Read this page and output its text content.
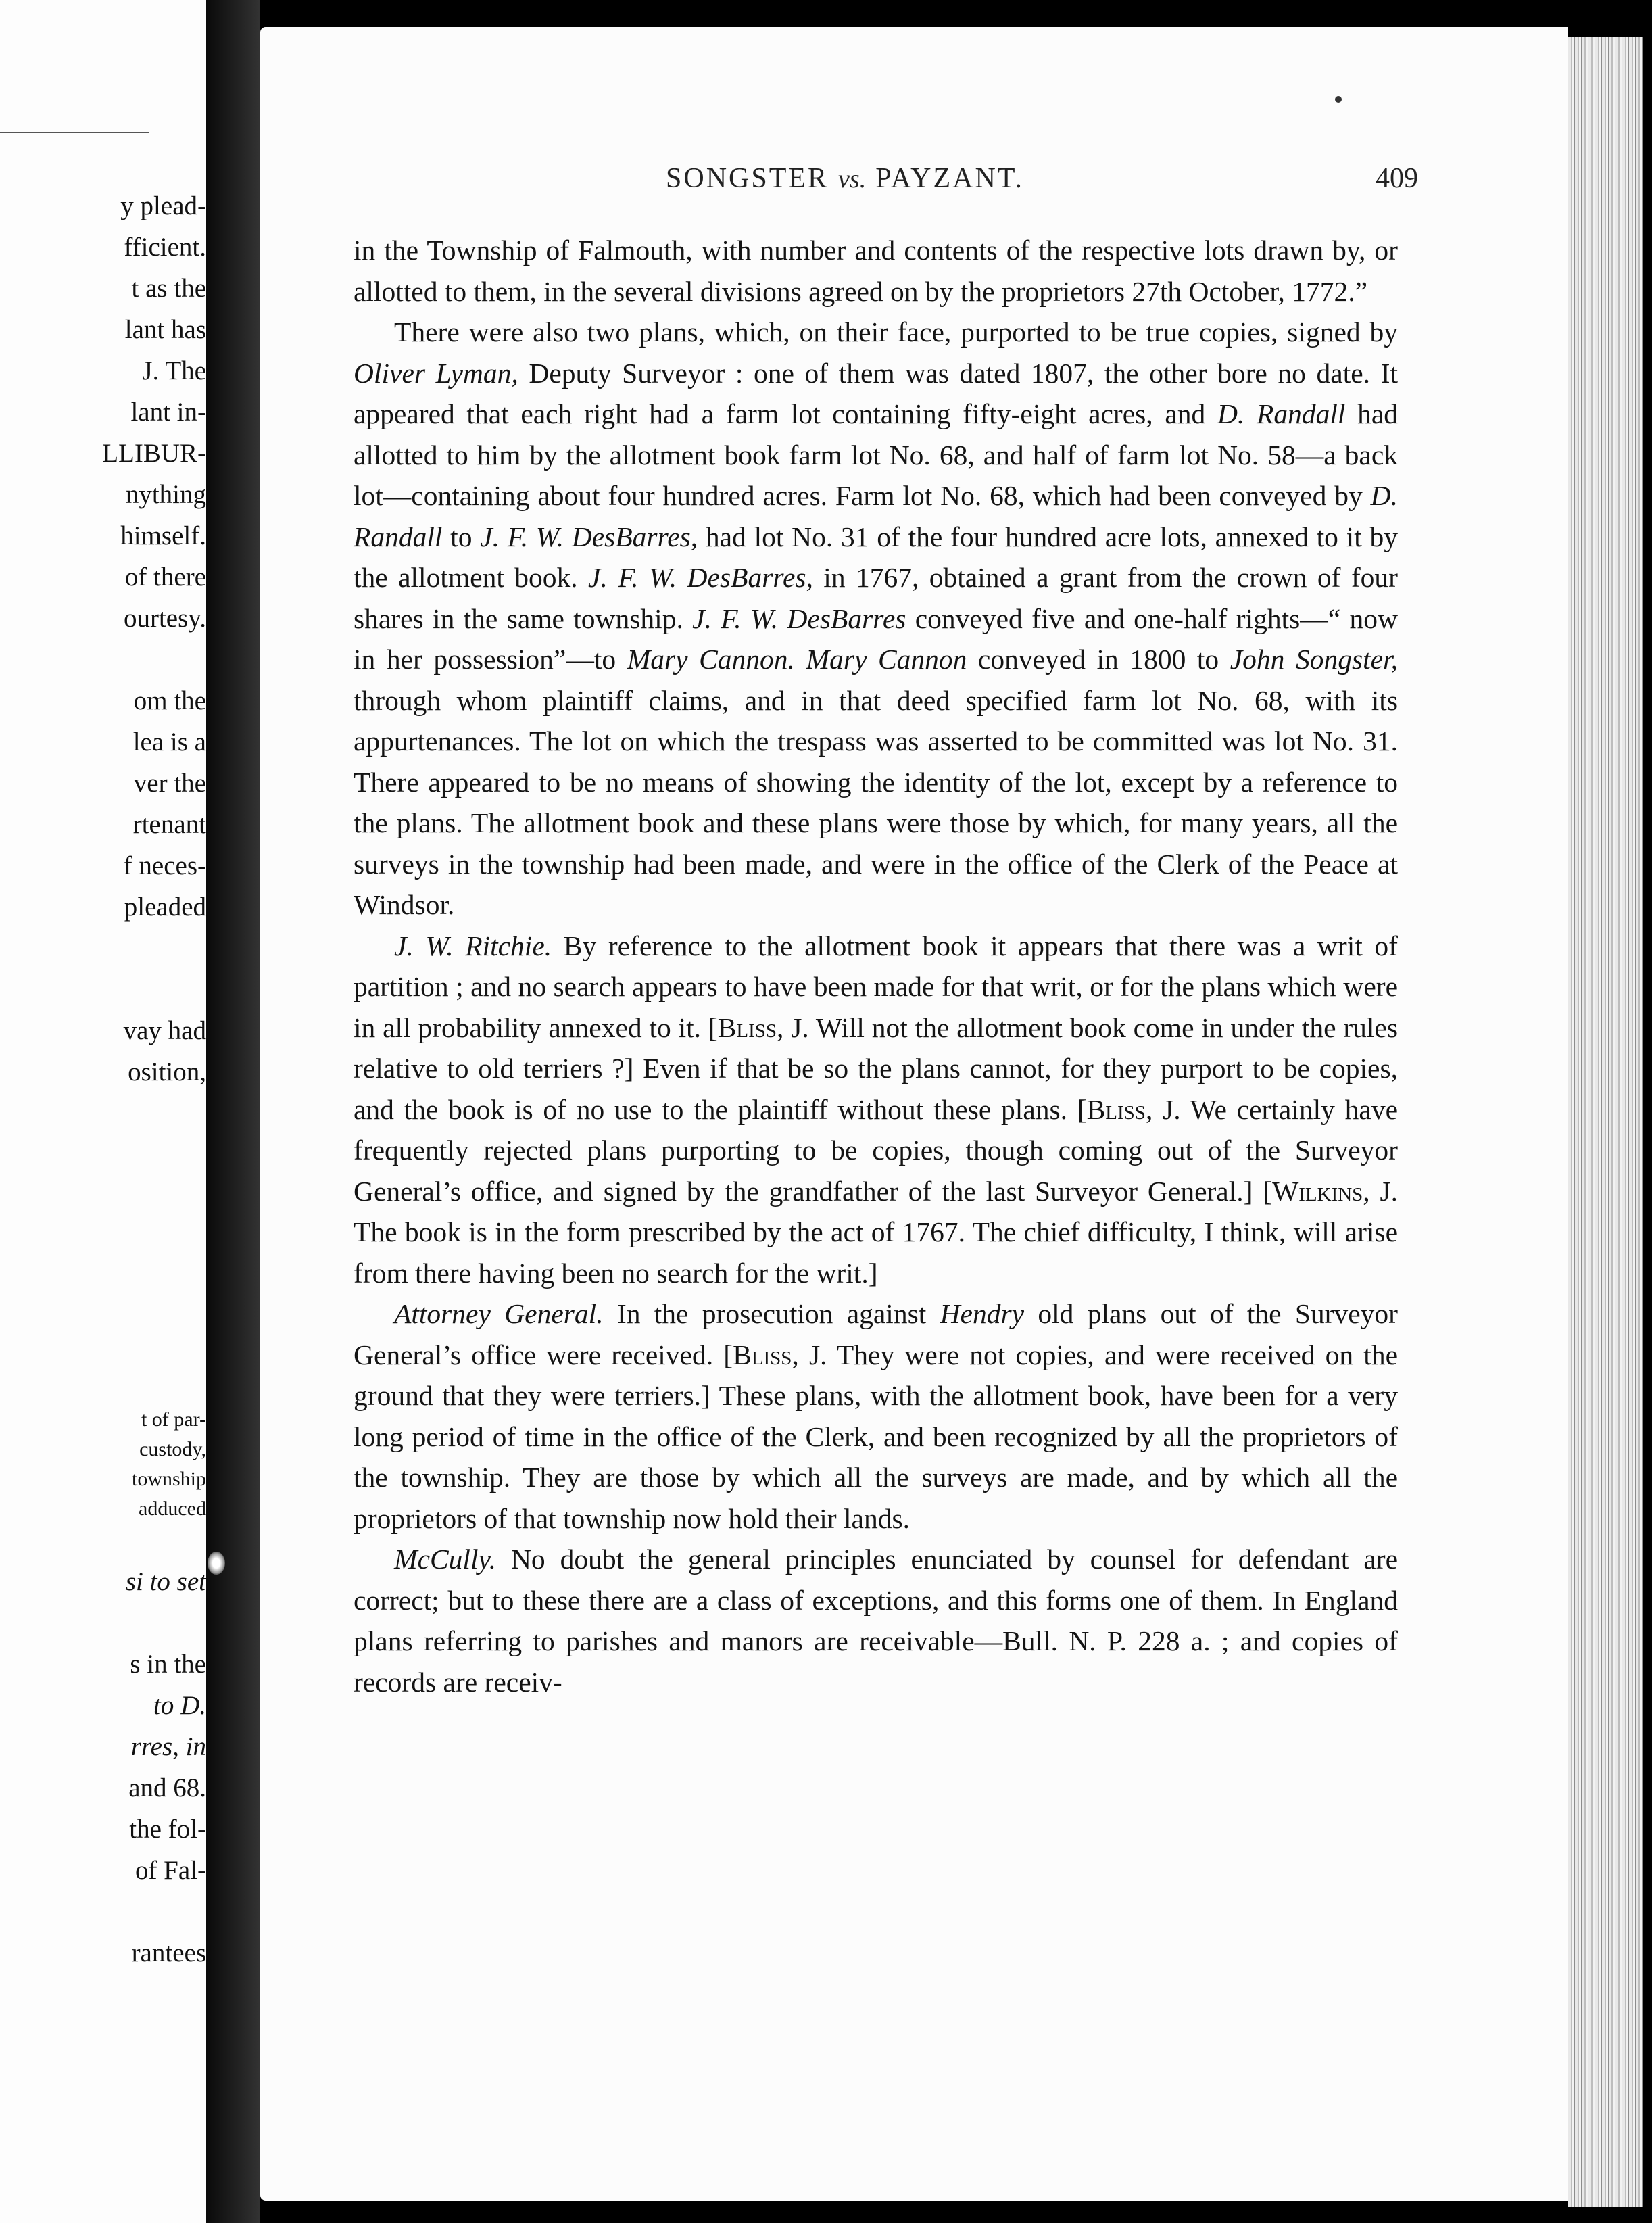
y plead-
fficient.
t as the
lant has
J. The
lant in-
LLIBUR-
nything
himself.
of there
ourtesy.
om the
lea is a
ver the
rtenant
f neces-
pleaded
vay had
osition,
t of par-
custody,
township
adduced
si to set
s in the
to D.
rres, in
and 68.
the fol-
of Fal-
rantees
SONGSTER vs. PAYZANT.	409

in the Township of Falmouth, with number and contents of the respective lots drawn by, or allotted to them, in the several divisions agreed on by the proprietors 27th October, 1772.”

There were also two plans, which, on their face, purported to be true copies, signed by Oliver Lyman, Deputy Surveyor : one of them was dated 1807, the other bore no date. It appeared that each right had a farm lot containing fifty-eight acres, and D. Randall had allotted to him by the allotment book farm lot No. 68, and half of farm lot No. 58—a back lot—containing about four hundred acres. Farm lot No. 68, which had been conveyed by D. Randall to J. F. W. DesBarres, had lot No. 31 of the four hundred acre lots, annexed to it by the allotment book. J. F. W. DesBarres, in 1767, obtained a grant from the crown of four shares in the same township. J. F. W. DesBarres conveyed five and one-half rights—“ now in her possession”—to Mary Cannon. Mary Cannon conveyed in 1800 to John Songster, through whom plaintiff claims, and in that deed specified farm lot No. 68, with its appurtenances. The lot on which the trespass was asserted to be committed was lot No. 31. There appeared to be no means of showing the identity of the lot, except by a reference to the plans. The allotment book and these plans were those by which, for many years, all the surveys in the township had been made, and were in the office of the Clerk of the Peace at Windsor.

J. W. Ritchie. By reference to the allotment book it appears that there was a writ of partition ; and no search appears to have been made for that writ, or for the plans which were in all probability annexed to it. [Bliss, J. Will not the allotment book come in under the rules relative to old terriers ?] Even if that be so the plans cannot, for they purport to be copies, and the book is of no use to the plaintiff without these plans. [Bliss, J. We certainly have frequently rejected plans purporting to be copies, though coming out of the Surveyor General’s office, and signed by the grandfather of the last Surveyor General.] [Wilkins, J. The book is in the form prescribed by the act of 1767. The chief difficulty, I think, will arise from there having been no search for the writ.]

Attorney General. In the prosecution against Hendry old plans out of the Surveyor General’s office were received. [Bliss, J. They were not copies, and were received on the ground that they were terriers.] These plans, with the allotment book, have been for a very long period of time in the office of the Clerk, and been recognized by all the proprietors of the township. They are those by which all the surveys are made, and by which all the proprietors of that township now hold their lands.

McCully. No doubt the general principles enunciated by counsel for defendant are correct; but to these there are a class of exceptions, and this forms one of them. In England plans referring to parishes and manors are receivable—Bull. N. P. 228 a. ; and copies of records are receiv-
